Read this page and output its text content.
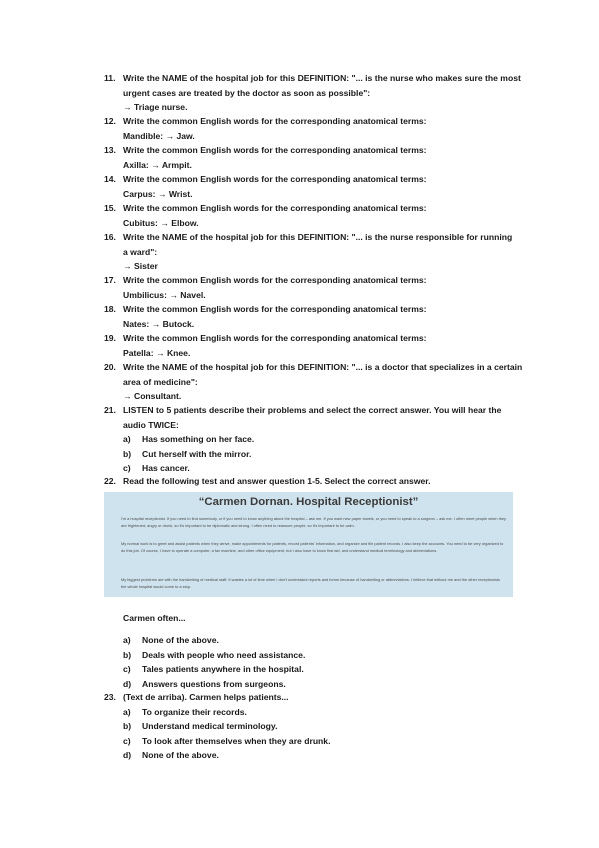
11. Write the NAME of the hospital job for this DEFINITION: "... is the nurse who makes sure the most
urgent cases are treated by the doctor as soon as possible":
→ Triage nurse.
12. Write the common English words for the corresponding anatomical terms:
Mandible: → Jaw.
13. Write the common English words for the corresponding anatomical terms:
Axilla: → Armpit.
14. Write the common English words for the corresponding anatomical terms:
Carpus: → Wrist.
15. Write the common English words for the corresponding anatomical terms:
Cubitus: → Elbow.
16. Write the NAME of the hospital job for this DEFINITION: "... is the nurse responsible for running
a ward":
→ Sister
17. Write the common English words for the corresponding anatomical terms:
Umbilicus: → Navel.
18. Write the common English words for the corresponding anatomical terms:
Nates: → Butock.
19. Write the common English words for the corresponding anatomical terms:
Patella: → Knee.
20. Write the NAME of the hospital job for this DEFINITION: "... is a doctor that specializes in a certain
area of medicine":
→ Consultant.
21. LISTEN to 5 patients describe their problems and select the correct answer. You will hear the
audio TWICE:
a) Has something on her face.
b) Cut herself with the mirror.
c) Has cancer.
22. Read the following test and answer question 1-5. Select the correct answer.
“Carmen Dornan. Hospital Receptionist”
I'm a hospital receptionist. If you need to find somebody, or if you need to know anything about the hospital – ask me. If you want new paper towels, or you need to speak to a surgeon – ask me. I often meet people when they are frightened, angry or drunk, so it's important to be diplomatic and strong. I often need to reassure people, so it's important to be calm.
My normal work is to greet and assist patients when they arrive, make appointments for patients, record patients' information, and organize and file patient records. I also keep the accounts. You need to be very organized to do this job. Of course, I have to operate a computer, a fax machine, and other office equipment, but I also have to know first aid, and understand medical terminology and abbreviations.
My biggest problems are with the handwriting of medical staff. It wastes a lot of time when I don't understand reports and forms because of handwriting or abbreviations. I believe that without me and the other receptionists the whole hospital would come to a stop.
Carmen often...
a) None of the above.
b) Deals with people who need assistance.
c) Tales patients anywhere in the hospital.
d) Answers questions from surgeons.
23. (Text de arriba). Carmen helps patients...
a) To organize their records.
b) Understand medical terminology.
c) To look after themselves when they are drunk.
d) None of the above.
